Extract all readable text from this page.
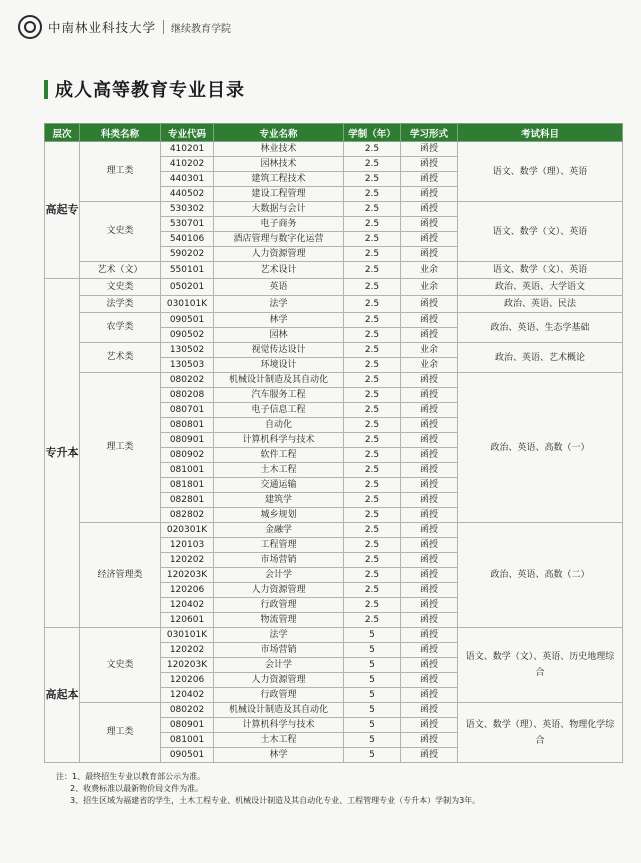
中南林业科技大学 继续教育学院
成人高等教育专业目录
层次	科类名称	专业代码	专业名称	学制（年）	学习形式	考试科目
高起专	理工类	410201	林业技术	2.5	函授	语文、数学（理）、英语
		410202	园林技术	2.5	函授	
		440301	建筑工程技术	2.5	函授	
		440502	建设工程管理	2.5	函授	
	文史类	530302	大数据与会计	2.5	函授	语文、数学（文）、英语
		530701	电子商务	2.5	函授	
		540106	酒店管理与数字化运营	2.5	函授	
		590202	人力资源管理	2.5	函授	
	艺术（文）	550101	艺术设计	2.5	业余	语文、数学（文）、英语
专升本	文史类	050201	英语	2.5	业余	政治、英语、大学语文
	法学类	030101K	法学	2.5	函授	政治、英语、民法
	农学类	090501	林学	2.5	函授	政治、英语、生态学基础
		090502	园林	2.5	函授	
	艺术类	130502	视觉传达设计	2.5	业余	政治、英语、艺术概论
		130503	环境设计	2.5	业余	
	理工类	080202	机械设计制造及其自动化	2.5	函授	政治、英语、高数（一）
		080208	汽车服务工程	2.5	函授	
		080701	电子信息工程	2.5	函授	
		080801	自动化	2.5	函授	
		080901	计算机科学与技术	2.5	函授	
		080902	软件工程	2.5	函授	
		081001	土木工程	2.5	函授	
		081801	交通运输	2.5	函授	
		082801	建筑学	2.5	函授	
		082802	城乡规划	2.5	函授	
	经济管理类	020301K	金融学	2.5	函授	政治、英语、高数（二）
		120103	工程管理	2.5	函授	
		120202	市场营销	2.5	函授	
		120203K	会计学	2.5	函授	
		120206	人力资源管理	2.5	函授	
		120402	行政管理	2.5	函授	
		120601	物流管理	2.5	函授	
高起本	文史类	030101K	法学	5	函授	语文、数学（文）、英语、历史地理综合
		120202	市场营销	5	函授	
		120203K	会计学	5	函授	
		120206	人力资源管理	5	函授	
		120402	行政管理	5	函授	
	理工类	080202	机械设计制造及其自动化	5	函授	语文、数学（理）、英语、物理化学综合
		080901	计算机科学与技术	5	函授	
		081001	土木工程	5	函授	
		090501	林学	5	函授	
注：1、最终招生专业以教育部公示为准。
2、收费标准以最新物价局文件为准。
3、招生区域为福建省的学生，土木工程专业、机械设计制造及其自动化专业、工程管理专业（专升本）学制为3年。
